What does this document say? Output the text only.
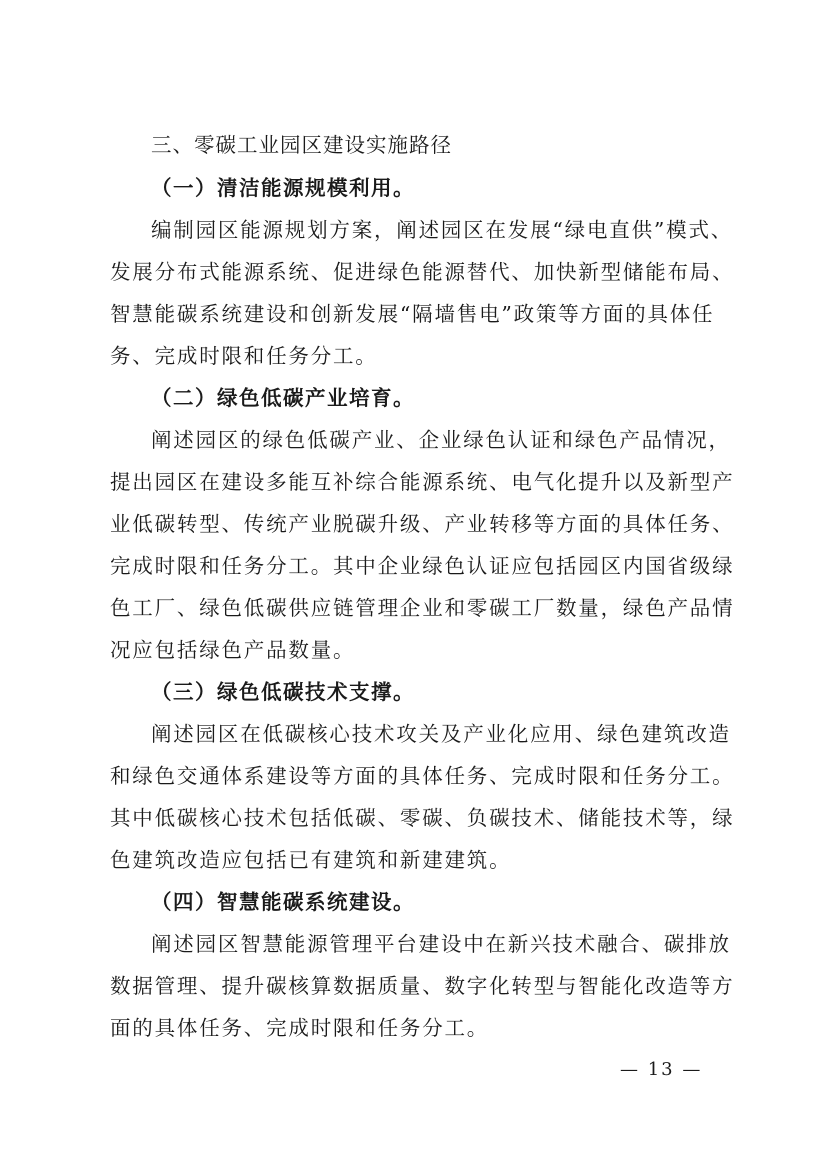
三、零碳工业园区建设实施路径
（一）清洁能源规模利用。
编制园区能源规划方案，阐述园区在发展“绿电直供”模式、
发展分布式能源系统、促进绿色能源替代、加快新型储能布局、
智慧能碳系统建设和创新发展“隔墙售电”政策等方面的具体任
务、完成时限和任务分工。
（二）绿色低碳产业培育。
阐述园区的绿色低碳产业、企业绿色认证和绿色产品情况，
提出园区在建设多能互补综合能源系统、电气化提升以及新型产
业低碳转型、传统产业脱碳升级、产业转移等方面的具体任务、
完成时限和任务分工。其中企业绿色认证应包括园区内国省级绿
色工厂、绿色低碳供应链管理企业和零碳工厂数量，绿色产品情
况应包括绿色产品数量。
（三）绿色低碳技术支撑。
阐述园区在低碳核心技术攻关及产业化应用、绿色建筑改造
和绿色交通体系建设等方面的具体任务、完成时限和任务分工。
其中低碳核心技术包括低碳、零碳、负碳技术、储能技术等，绿
色建筑改造应包括已有建筑和新建建筑。
（四）智慧能碳系统建设。
阐述园区智慧能源管理平台建设中在新兴技术融合、碳排放
数据管理、提升碳核算数据质量、数字化转型与智能化改造等方
面的具体任务、完成时限和任务分工。
— 13 —
